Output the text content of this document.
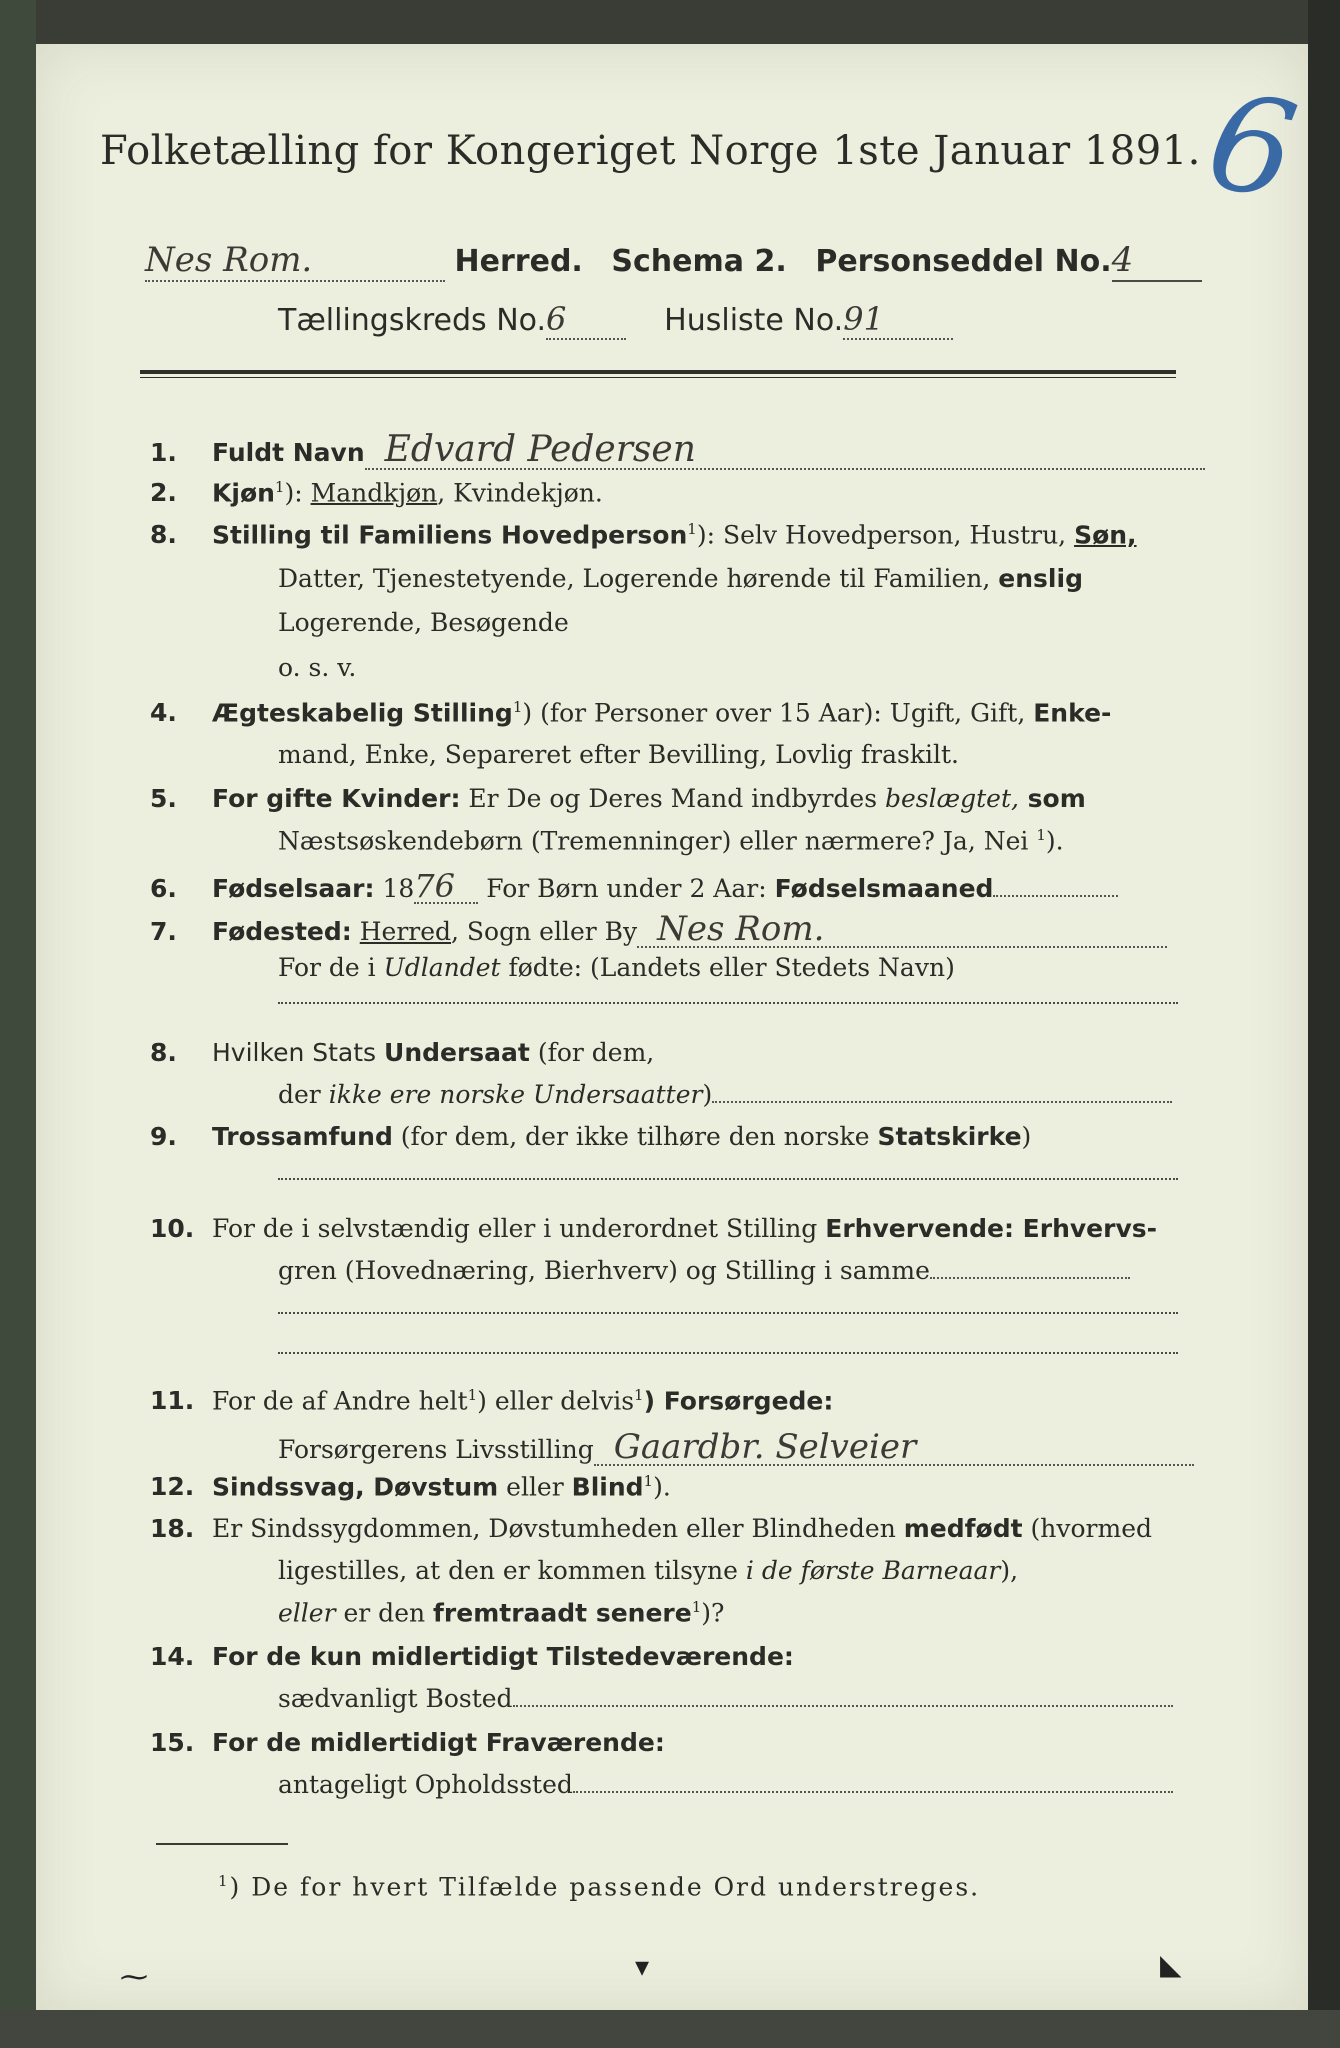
Folketælling for Kongeriget Norge 1ste Januar 1891.
6
Nes Rom.	Herred. Schema 2. Personseddel No.4
Tællingskreds No.6	Husliste No.91
1. Fuldt Navn Edvard Pedersen
2. Kjøn$^1$): Mandkjøn, Kvindekjøn.
8. Stilling til Familiens Hovedperson$^1$): Selv Hovedperson, Hustru, Søn,
Datter, Tjenestetyende, Logerende hørende til Familien, enslig
Logerende, Besøgende
o. s. v.
4. Ægteskabelig Stilling$^1$) (for Personer over 15 Aar): Ugift, Gift, Enke-
mand, Enke, Separeret efter Bevilling, Lovlig fraskilt.
5. For gifte Kvinder: Er De og Deres Mand indbyrdes beslægtet, som
Næstsøskendebørn (Tremenninger) eller nærmere? Ja, Nei $^1$).
6. Fødselsaar: 1876 For Børn under 2 Aar: Fødselsmaaned
7. Fødested: Herred, Sogn eller By Nes Rom.
For de i Udlandet fødte: (Landets eller Stedets Navn)
8. Hvilken Stats Undersaat (for dem,
der ikke ere norske Undersaatter)
9. Trossamfund (for dem, der ikke tilhøre den norske Statskirke)
10. For de i selvstændig eller i underordnet Stilling Erhvervende: Erhvervs-
gren (Hovednæring, Bierhverv) og Stilling i samme
11. For de af Andre helt$^1$) eller delvis$^1$) Forsørgede:
Forsørgerens Livsstilling Gaardbr. Selveier
12. Sindssvag, Døvstum eller Blind$^1$).
18. Er Sindssygdommen, Døvstumheden eller Blindheden medfødt (hvormed
ligestilles, at den er kommen tilsyne i de første Barneaar),
eller er den fremtraadt senere$^1$)?
14. For de kun midlertidigt Tilstedeværende:
sædvanligt Bosted
15. For de midlertidigt Fraværende:
antageligt Opholdssted
$^1$) De for hvert Tilfælde passende Ord understreges.
⁓	▾	◣
